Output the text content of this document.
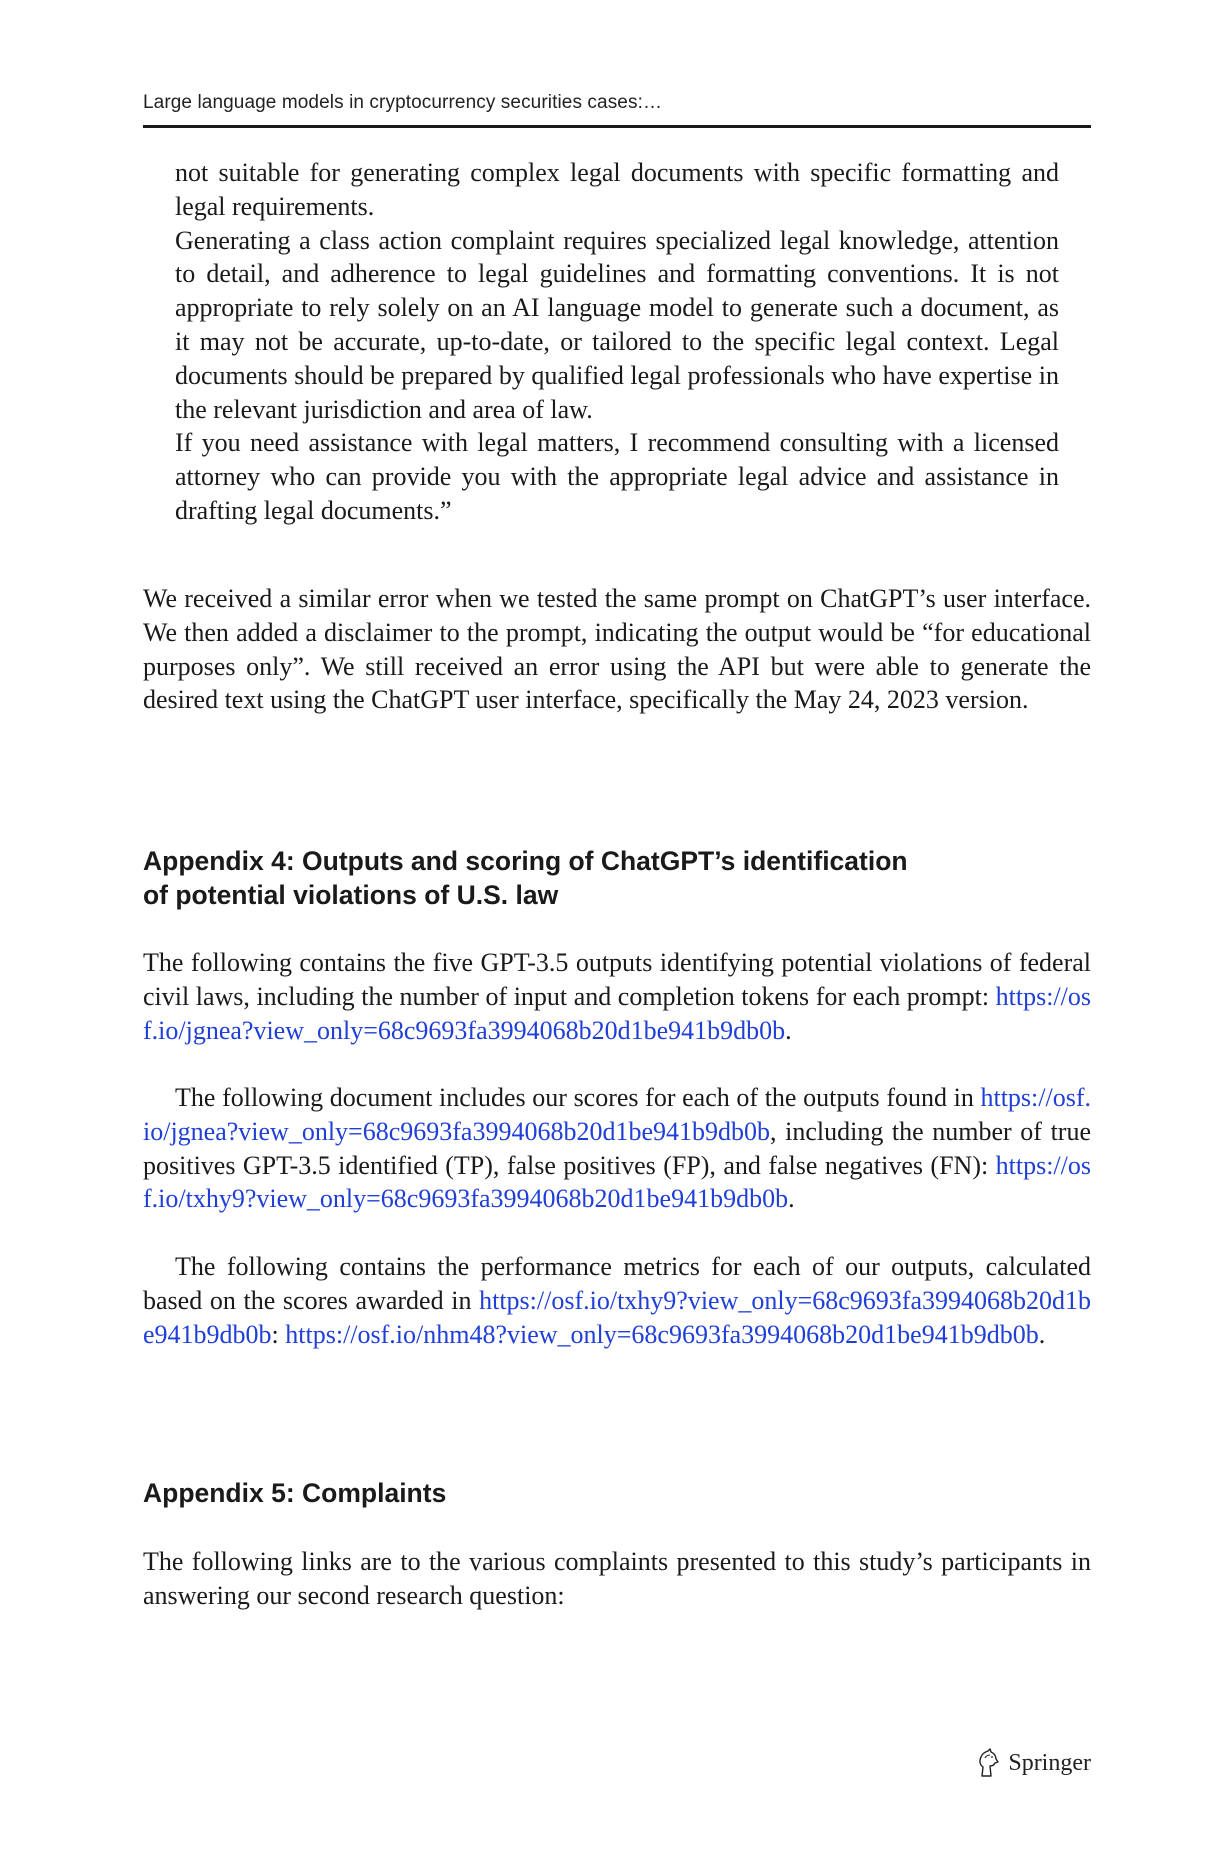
Large language models in cryptocurrency securities cases:…

not suitable for generating complex legal documents with specific formatting and legal requirements.

Generating a class action complaint requires specialized legal knowledge, attention to detail, and adherence to legal guidelines and formatting conventions. It is not appropriate to rely solely on an AI language model to generate such a document, as it may not be accurate, up-to-date, or tailored to the specific legal context. Legal documents should be prepared by qualified legal professionals who have expertise in the relevant jurisdiction and area of law.

If you need assistance with legal matters, I recommend consulting with a licensed attorney who can provide you with the appropriate legal advice and assistance in drafting legal documents.”

We received a similar error when we tested the same prompt on ChatGPT’s user interface. We then added a disclaimer to the prompt, indicating the output would be “for educational purposes only”. We still received an error using the API but were able to generate the desired text using the ChatGPT user interface, specifically the May 24, 2023 version.

Appendix 4: Outputs and scoring of ChatGPT’s identification
of potential violations of U.S. law

The following contains the five GPT-3.5 outputs identifying potential violations of federal civil laws, including the number of input and completion tokens for each prompt: https://osf.io/jgnea?view_only=68c9693fa3994068b20d1be941b9db0b.

The following document includes our scores for each of the outputs found in https://osf.io/jgnea?view_only=68c9693fa3994068b20d1be941b9db0b, including the number of true positives GPT-3.5 identified (TP), false positives (FP), and false negatives (FN): https://osf.io/txhy9?view_only=68c9693fa3994068b20d1be941b9db0b.

The following contains the performance metrics for each of our outputs, calculated based on the scores awarded in https://osf.io/txhy9?view_only=68c9693fa3994068b20d1be941b9db0b: https://osf.io/nhm48?view_only=68c9693fa3994068b20d1be941b9db0b.

Appendix 5: Complaints

The following links are to the various complaints presented to this study’s participants in answering our second research question:

Springer
